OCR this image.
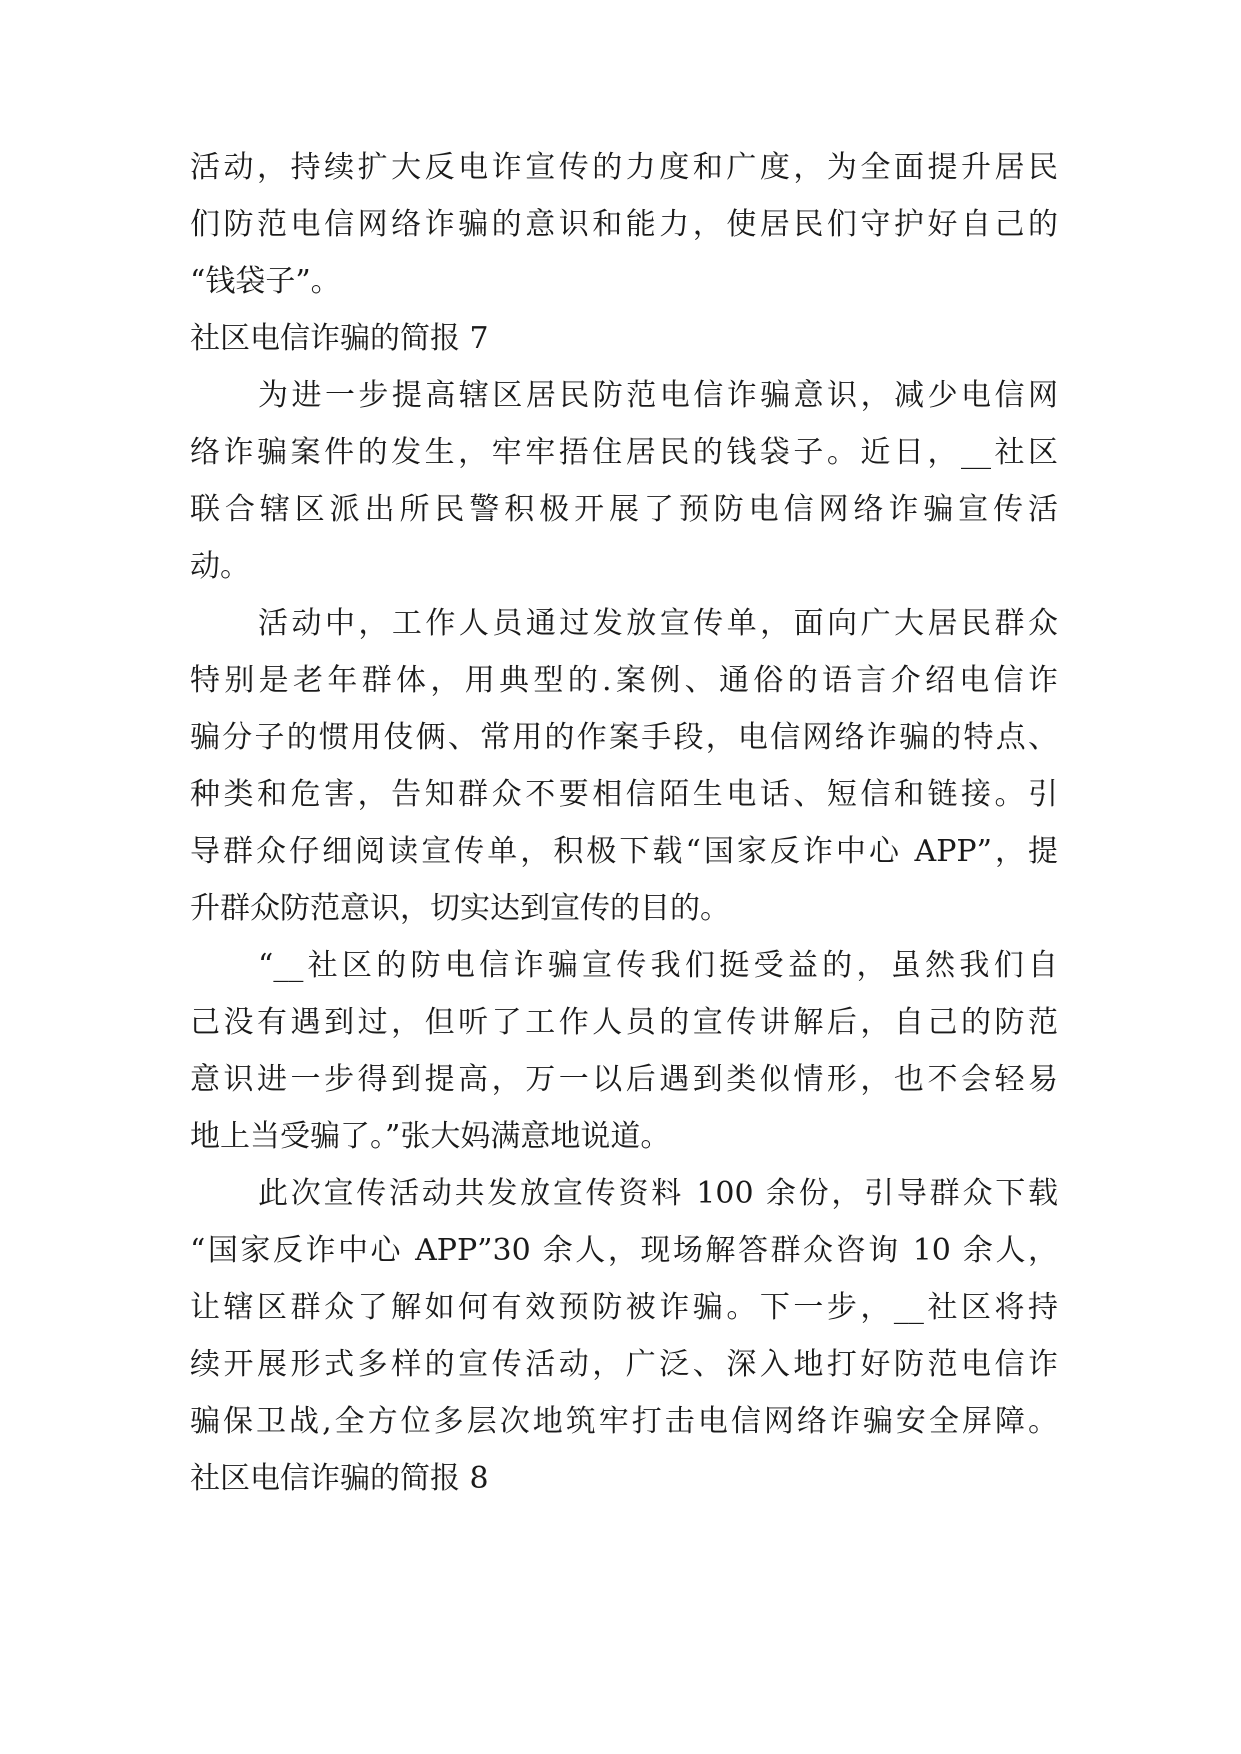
活动，持续扩大反电诈宣传的力度和广度，为全面提升居民
们防范电信网络诈骗的意识和能力，使居民们守护好自己的
“钱袋子”。
社区电信诈骗的简报 7
为进一步提高辖区居民防范电信诈骗意识，减少电信网
络诈骗案件的发生，牢牢捂住居民的钱袋子。近日，__社区
联合辖区派出所民警积极开展了预防电信网络诈骗宣传活
动。
活动中，工作人员通过发放宣传单，面向广大居民群众
特别是老年群体，用典型的.案例、通俗的语言介绍电信诈
骗分子的惯用伎俩、常用的作案手段，电信网络诈骗的特点、
种类和危害，告知群众不要相信陌生电话、短信和链接。引
导群众仔细阅读宣传单，积极下载“国家反诈中心 APP”，提
升群众防范意识，切实达到宣传的目的。
“__社区的防电信诈骗宣传我们挺受益的，虽然我们自
己没有遇到过，但听了工作人员的宣传讲解后，自己的防范
意识进一步得到提高，万一以后遇到类似情形，也不会轻易
地上当受骗了。”张大妈满意地说道。
此次宣传活动共发放宣传资料 100 余份，引导群众下载
“国家反诈中心 APP”30 余人，现场解答群众咨询 10 余人，
让辖区群众了解如何有效预防被诈骗。下一步，__社区将持
续开展形式多样的宣传活动，广泛、深入地打好防范电信诈
骗保卫战,全方位多层次地筑牢打击电信网络诈骗安全屏障。
社区电信诈骗的简报 8
